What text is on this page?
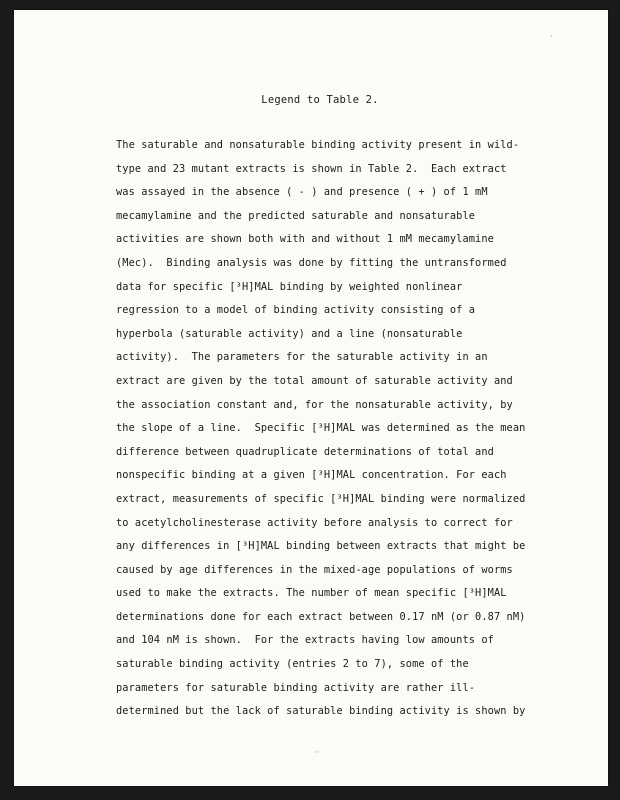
Legend to Table 2.
The saturable and nonsaturable binding activity present in wild-
type and 23 mutant extracts is shown in Table 2.  Each extract
was assayed in the absence ( - ) and presence ( + ) of 1 mM
mecamylamine and the predicted saturable and nonsaturable
activities are shown both with and without 1 mM mecamylamine
(Mec).  Binding analysis was done by fitting the untransformed
data for specific [³H]MAL binding by weighted nonlinear
regression to a model of binding activity consisting of a
hyperbola (saturable activity) and a line (nonsaturable
activity).  The parameters for the saturable activity in an
extract are given by the total amount of saturable activity and
the association constant and, for the nonsaturable activity, by
the slope of a line.  Specific [³H]MAL was determined as the mean
difference between quadruplicate determinations of total and
nonspecific binding at a given [³H]MAL concentration. For each
extract, measurements of specific [³H]MAL binding were normalized
to acetylcholinesterase activity before analysis to correct for
any differences in [³H]MAL binding between extracts that might be
caused by age differences in the mixed-age populations of worms
used to make the extracts. The number of mean specific [³H]MAL
determinations done for each extract between 0.17 nM (or 0.87 nM)
and 104 nM is shown.  For the extracts having low amounts of
saturable binding activity (entries 2 to 7), some of the
parameters for saturable binding activity are rather ill-
determined but the lack of saturable binding activity is shown by
·
⋅⋅
